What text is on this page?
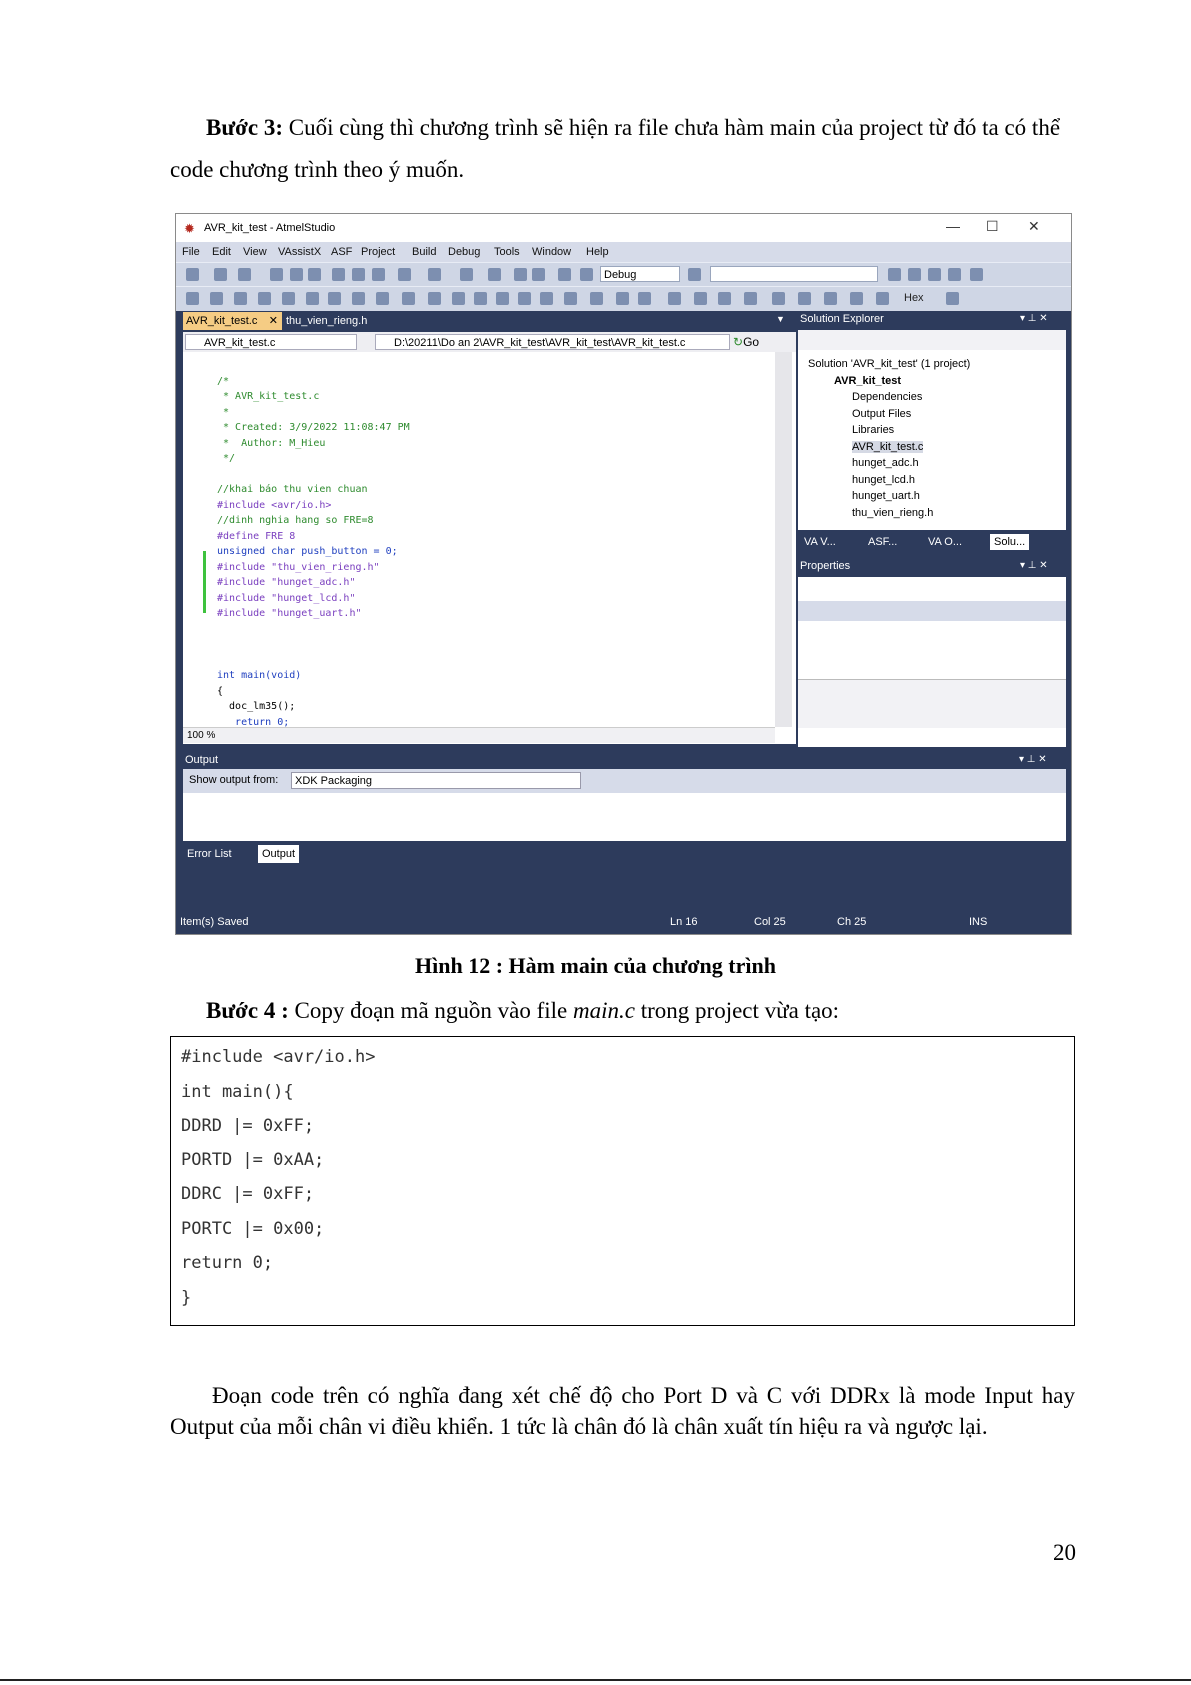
Bước 3: Cuối cùng thì chương trình sẽ hiện ra file chưa hàm main của project từ đó ta có thể code chương trình theo ý muốn.

✹ AVR_kit_test - AtmelStudio	— ☐ ✕
File Edit View VAssistX ASF Project Build Debug Tools Window Help
Debug
Hex
AVR_kit_test.c ✕ thu_vien_rieng.h	▼
AVR_kit_test.c	D:\20211\Do an 2\AVR_kit_test\AVR_kit_test\AVR_kit_test.c	↻Go

/*
* AVR_kit_test.c
*
* Created: 3/9/2022 11:08:47 PM
*  Author: M_Hieu
*/

//khai báo thu vien chuan
#include <avr/io.h>
//dinh nghia hang so FRE=8
#define FRE 8
unsigned char push_button = 0;
#include "thu_vien_rieng.h"
#include "hunget_adc.h"
#include "hunget_lcd.h"
#include "hunget_uart.h"

int main(void)
{
doc_lm35();
return 0;

100 %
Solution Explorer	▾ ⊥ ✕
Solution 'AVR_kit_test' (1 project)
AVR_kit_test
Dependencies
Output Files
Libraries
AVR_kit_test.c
hunget_adc.h
hunget_lcd.h
hunget_uart.h
thu_vien_rieng.h
VA V...	ASF...	VA O...	Solu...
Properties	▾ ⊥ ✕
Output	▾ ⊥ ✕
Show output from:	XDK Packaging
Error List	Output
Item(s) Saved	Ln 16	Col 25	Ch 25	INS
Hình 12 : Hàm main của chương trình

Bước 4 : Copy đoạn mã nguồn vào file main.c trong project vừa tạo:

#include <avr/io.h>
int main(){
DDRD |= 0xFF;
PORTD |= 0xAA;
DDRC |= 0xFF;
PORTC |= 0x00;
return 0;
}

Đoạn code trên có nghĩa đang xét chế độ cho Port D và C với DDRx là mode Input hay Output của mỗi chân vi điều khiển. 1 tức là chân đó là chân xuất tín hiệu ra và ngược lại.

20
